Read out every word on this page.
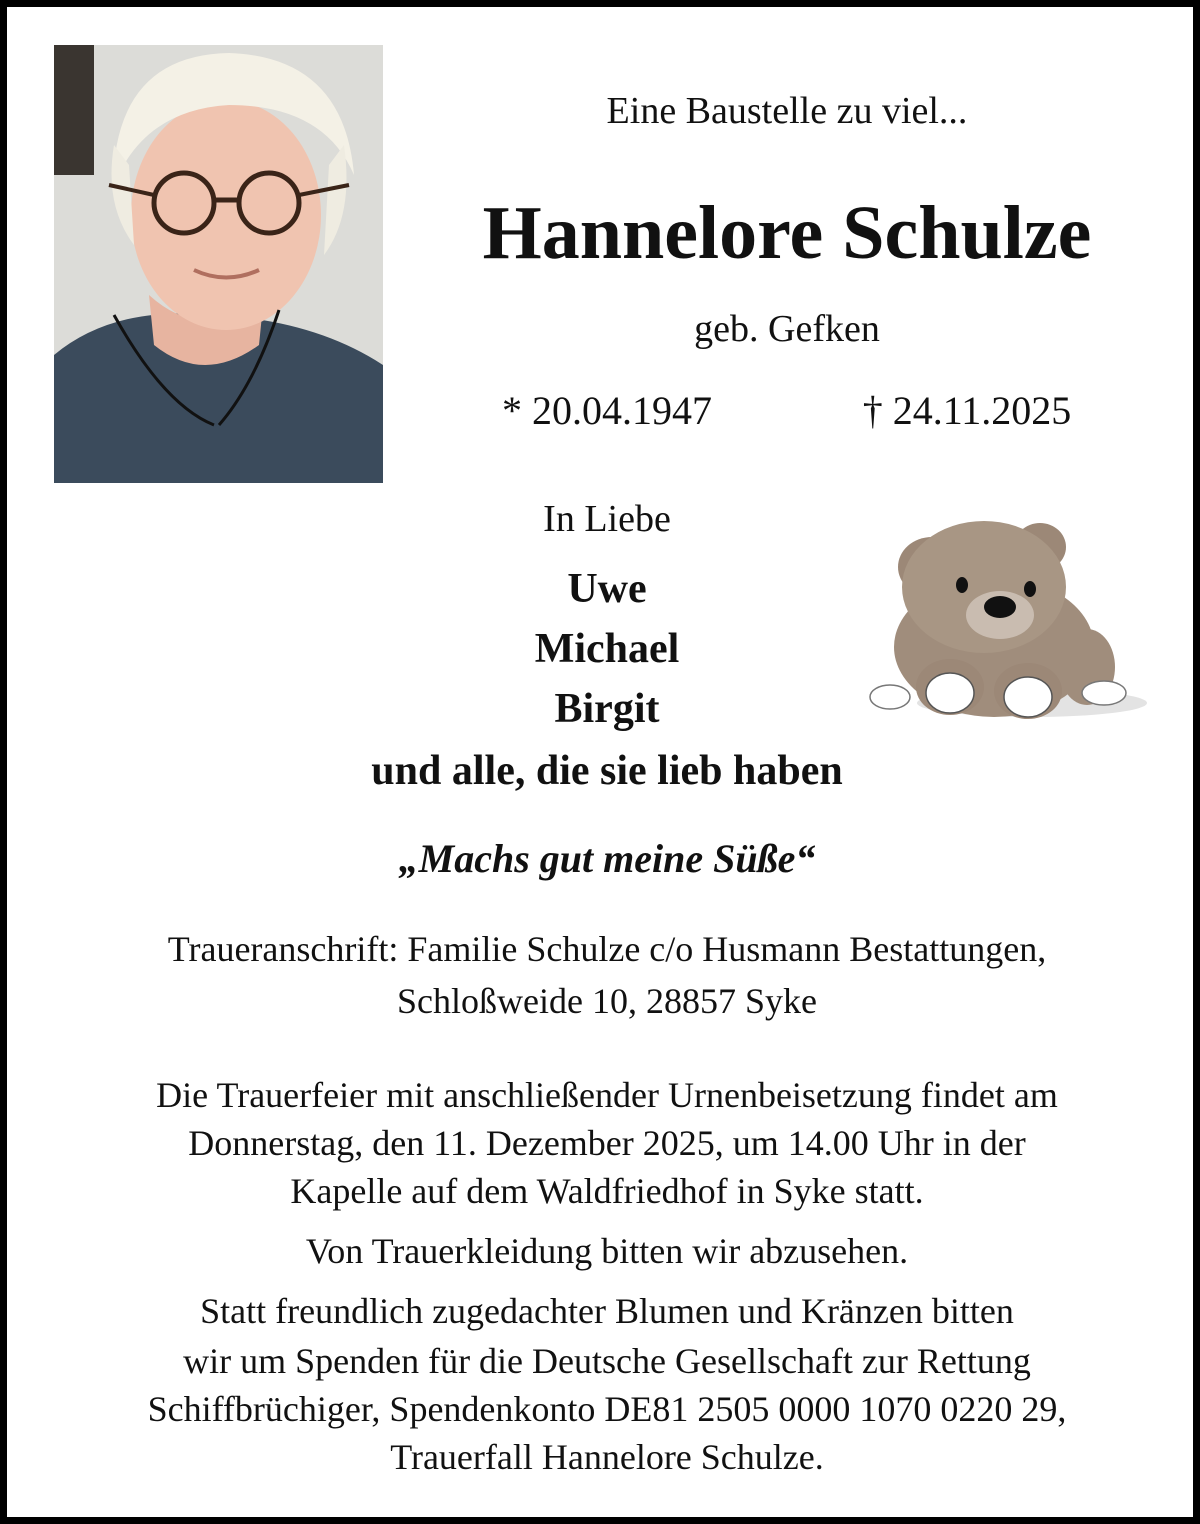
Eine Baustelle zu viel...

Hannelore Schulze

geb. Gefken

* 20.04.1947	† 24.11.2025

In Liebe

Uwe

Michael

Birgit

und alle, die sie lieb haben

„Machs gut meine Süße“

Traueranschrift: Familie Schulze c/o Husmann Bestattungen,

Schloßweide 10, 28857 Syke

Die Trauerfeier mit anschließender Urnenbeisetzung findet am

Donnerstag, den 11. Dezember 2025, um 14.00 Uhr in der

Kapelle auf dem Waldfriedhof in Syke statt.

Von Trauerkleidung bitten wir abzusehen.

Statt freundlich zugedachter Blumen und Kränzen bitten

wir um Spenden für die Deutsche Gesellschaft zur Rettung

Schiffbrüchiger, Spendenkonto DE81 2505 0000 1070 0220 29,

Trauerfall Hannelore Schulze.
